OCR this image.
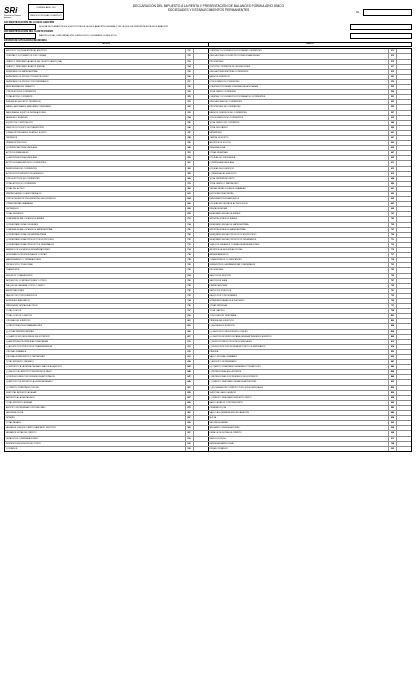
SRi
Servicio de Rentas Internas
FORMULARIO 104
RESOLUCIÓN NAC-DGERCGC
DECLARACIÓN DEL IMPUESTO A LA RENTA Y PRESENTACIÓN DE BALANCES FORMULARIO ÚNICO
SOCIEDADES Y ESTABLECIMIENTOS PERMANENTES
No.
100 IDENTIFICACIÓN DE LA DECLARACIÓN
SI ESTA DECLARACIÓN ES SUSTITUTIVA DE LA DECLARACIÓN ORIGINAL POR LA QUE SE PRESENTA ESTA DECLARACIÓN
200 IDENTIFICACIÓN DEL SUJETO PASIVO
RAZÓN SOCIAL, DENOMINACIÓN O APELLIDOS Y NOMBRES COMPLETOS
ESTADO DE SITUACIÓN FINANCIERA
ACTIVO	PASIVO
EFECTIVO Y EQUIVALENTES AL EFECTIVO	311	CUENTAS Y DOCUMENTOS POR PAGAR CORRIENTES	511
CUENTAS Y DOCUMENTOS POR COBRAR	312	OBLIGACIONES CON INSTITUCIONES FINANCIERAS	513
CRÉDITO TRIBUTARIO A FAVOR DEL SUJETO PASIVO (IVA)	313	PROVISIONES	515
CRÉDITO TRIBUTARIO A FAVOR (RENTA)	314	PORCIÓN CORRIENTE DE OBLIGACIONES	517
INVENTARIO DE MATERIA PRIMA	315	OBLIGACIONES EMITIDAS CORRIENTES	519
INVENTARIO DE PRODUCTOS EN PROCESO	316	PASIVOS DIFERIDOS	521
INVENTARIO DE PRODUCTOS TERMINADOS	317	OTROS PASIVOS CORRIENTES	523
MERCADERÍAS EN TRÁNSITO	318	CUENTAS POR PAGAR DIVERSAS RELACIONADAS	525
OTROS ACTIVOS CORRIENTES	319	TOTAL PASIVO CORRIENTE	529
TOTAL ACTIVO CORRIENTE	329	CUENTAS Y DOCUMENTOS POR PAGAR NO CORRIENTES	531
INMUEBLES (EXCEPTO TERRENOS)	331	OBLIGACIONES NO CORRIENTES	533
NAVES, AERONAVES, BARCAZAS Y SIMILARES	332	PROVISIONES NO CORRIENTES	535
MAQUINARIA, EQUIPO E INSTALACIONES	333	PASIVOS DIFERIDOS NO CORRIENTES	537
MUEBLES Y ENSERES	334	OTROS PASIVOS NO CORRIENTES	539
EQUIPO DE COMPUTACIÓN	335	TOTAL PASIVO NO CORRIENTE	549
VEHÍCULOS, EQUIPO DE TRANSPORTE	336	TOTAL DEL PASIVO	599
OTRAS PROPIEDADES, PLANTA Y EQUIPO	337	PATRIMONIO	601
TERRENOS	338	CAPITAL SUSCRITO	601
OBRAS EN PROCESO	339	APORTES DE SOCIOS	603
(-) DEPRECIACIÓN ACUMULADA	349	RESERVA LEGAL	605
ACTIVOS INTANGIBLES	351	OTRAS RESERVAS	607
(-) AMORTIZACIÓN ACUMULADA	359	UTILIDAD NO DISTRIBUIDA	609
ACTIVOS FINANCIEROS NO CORRIENTES	361	(-) PÉRDIDA ACUMULADA	611
INVERSIONES NO CORRIENTES	363	UTILIDAD DEL EJERCICIO	613
ACTIVOS POR IMPUESTOS DIFERIDOS	365	(-) PÉRDIDA DEL EJERCICIO	615
OTROS ACTIVOS NO CORRIENTES	369	TOTAL PATRIMONIO NETO	698
TOTAL ACTIVO NO CORRIENTE	379	TOTAL PASIVO Y PATRIMONIO	699
TOTAL DEL ACTIVO	399	VENTAS NETAS LOCALES GRAVADAS	601
VENTAS NETAS LOCALES TARIFA 0%	602	EXPORTACIONES NETAS	603
OTROS INGRESOS PROVENIENTES DEL EXTERIOR	604	RENDIMIENTOS FINANCIEROS	605
OTRAS RENTAS GRAVADAS	606	UTILIDAD EN VENTA DE ACTIVOS FIJOS	607
DIVIDENDOS	608	RENTAS EXENTAS	609
TOTAL INGRESOS	699	INVENTARIO INICIAL DE BIENES	701
COMPRAS NETAS LOCALES DE BIENES	702	IMPORTACIONES DE BIENES	703
(-) INVENTARIO FINAL DE BIENES	704	INVENTARIO INICIAL DE MATERIA PRIMA	705
COMPRAS NETAS LOCALES DE MATERIA PRIMA	706	IMPORTACIONES DE MATERIA PRIMA	707
(-) INVENTARIO FINAL DE MATERIA PRIMA	708	INVENTARIO INICIAL PRODUCTOS EN PROCESO	709
(-) INVENTARIO FINAL PRODUCTOS EN PROCESO	710	INVENTARIO INICIAL PRODUCTOS TERMINADOS	711
(-) INVENTARIO FINAL PRODUCTOS TERMINADOS	712	SUELDOS, SALARIOS Y DEMÁS REMUNERACIONES	713
BENEFICIOS SOCIALES E INDEMNIZACIONES	714	APORTE A LA SEGURIDAD SOCIAL	715
HONORARIOS PROFESIONALES Y DIETAS	716	ARRENDAMIENTOS	717
MANTENIMIENTO Y REPARACIONES	718	COMBUSTIBLES Y LUBRICANTES	719
PROMOCIÓN Y PUBLICIDAD	720	SUMINISTROS, HERRAMIENTAS Y MATERIALES	721
TRANSPORTE	722	PROVISIONES	723
SEGUROS Y REASEGUROS	724	GASTOS DE GESTIÓN	725
IMPUESTOS, CONTRIBUCIONES Y OTROS	726	GASTOS DE VIAJE	727
IVA QUE SE CARGA AL COSTO O GASTO	728	DEPRECIACIONES	729
AMORTIZACIONES	730	SERVICIOS PÚBLICOS	731
PAGOS POR OTROS SERVICIOS	732	PAGOS POR OTROS BIENES	733
INTERESES BANCARIOS	734	INTERESES PAGADOS A TERCEROS	735
PÉRDIDA EN VENTA DE ACTIVOS	736	OTRAS PÉRDIDAS	737
TOTAL COSTOS	797	TOTAL GASTOS	798
TOTAL COSTOS Y GASTOS	799	CONCILIACIÓN TRIBUTARIA	801
UTILIDAD DEL EJERCICIO	801	PÉRDIDA DEL EJERCICIO	802
(-) PARTICIPACIÓN A TRABAJADORES	803	(-) DIVIDENDOS EXENTOS	804
(-) OTRAS RENTAS EXENTAS	805	(+) GASTOS NO DEDUCIBLES LOCALES	806
(+) GASTOS NO DEDUCIBLES DEL EXTERIOR	807	(+) GASTOS INCURRIDOS PARA GENERAR INGRESOS EXENTOS	808
(-) AMORTIZACIÓN PÉRDIDAS TRIBUTARIAS	811	(-) DEDUCCIONES POR LEYES ESPECIALES	812
(+) AJUSTE POR PRECIOS DE TRANSFERENCIA	813	(-) DEDUCCIÓN POR INCREMENTO NETO DE EMPLEADOS	814
UTILIDAD GRAVABLE	819	PÉRDIDA	829
UTILIDAD A REINVERTIR Y CAPITALIZAR	831	SALDO UTILIDAD GRAVABLE	832
TOTAL IMPUESTO CAUSADO	839	(-) ANTICIPO DETERMINADO	841
(=) IMPUESTO A LA RENTA CAUSADO MAYOR AL ANTICIPO	842	(=) CRÉDITO TRIBUTARIO GENERADO POR ANTICIPO	843
(+) SALDO DEL ANTICIPO PENDIENTE DE PAGO	845	(-) RETENCIONES EN LA FUENTE	846
(-) RETENCIONES POR DIVIDENDOS ANTICIPADOS	847	(-) RETENCIONES POR INGRESOS DEL EXTERIOR	848
(-) ANTICIPO DE IMPUESTO A LA RENTA PAGADO	849	(-) CRÉDITO TRIBUTARIO DE AÑOS ANTERIORES	850
(-) CRÉDITO TRIBUTARIO POR ISD	851	(-) EXONERACIÓN Y CRÉDITO POR LEYES ESPECIALES	852
SUBTOTAL IMPUESTO A PAGAR	855	SUBTOTAL SALDO A FAVOR	856
IMPUESTO A LA RENTA ÚNICO	857	(-) CRÉDITO TRIBUTARIO IMPUESTO ÚNICO	858
TOTAL IMPUESTO A PAGAR	859	SALDO A FAVOR CONTRIBUYENTE	869
ANTICIPO DETERMINADO PRÓXIMO AÑO	879	PRIMERA CUOTA	880
SEGUNDA CUOTA	881	SALDO A LIQUIDARSE EN DECLARACIÓN	882
INTERÉS	897	MULTA	898
TOTAL PAGADO	999	VALORES A PAGAR	902
MEDIANTE CHEQUE, DÉBITO BANCARIO, EFECTIVO	905	MEDIANTE COMPENSACIONES	906
MEDIANTE NOTAS DE CRÉDITO	907	DETALLE DE NOTAS DE CRÉDITO	908
DETALLE DE COMPENSACIONES	910	RESOLUCIÓN No.	911
INGRESOS EN FUNCIÓN DE OTROS	912	REPRESENTANTE LEGAL	198
CONTADOR	199	FIRMA CONTADOR	200
